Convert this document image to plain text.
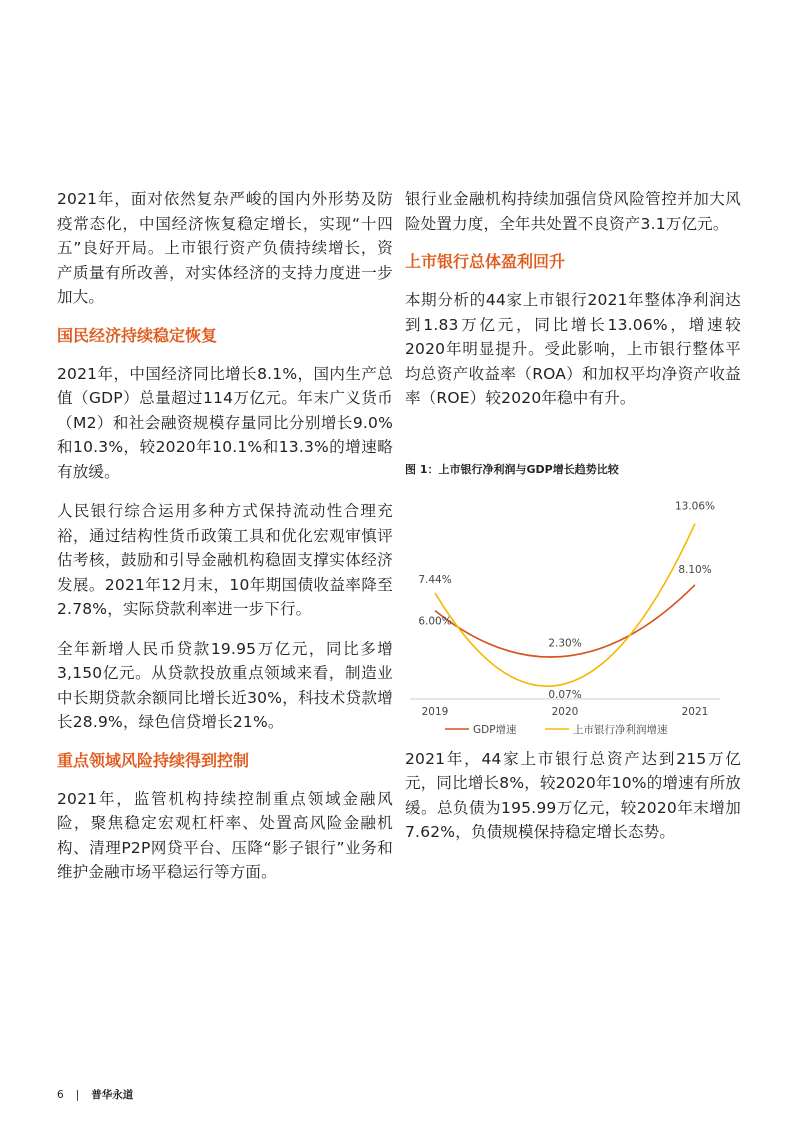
2021年，面对依然复杂严峻的国内外形势及防疫常态化，中国经济恢复稳定增长，实现“十四五”良好开局。上市银行资产负债持续增长，资产质量有所改善，对实体经济的支持力度进一步加大。

国民经济持续稳定恢复

2021年，中国经济同比增长8.1%，国内生产总值（GDP）总量超过114万亿元。年末广义货币（M2）和社会融资规模存量同比分别增长9.0%和10.3%，较2020年10.1%和13.3%的增速略有放缓。

人民银行综合运用多种方式保持流动性合理充裕，通过结构性货币政策工具和优化宏观审慎评估考核，鼓励和引导金融机构稳固支撑实体经济发展。2021年12月末，10年期国债收益率降至2.78%，实际贷款利率进一步下行。

全年新增人民币贷款19.95万亿元，同比多增3,150亿元。从贷款投放重点领域来看，制造业中长期贷款余额同比增长近30%，科技术贷款增长28.9%，绿色信贷增长21%。

重点领域风险持续得到控制

2021年，监管机构持续控制重点领域金融风险，聚焦稳定宏观杠杆率、处置高风险金融机构、清理P2P网贷平台、压降“影子银行”业务和维护金融市场平稳运行等方面。

银行业金融机构持续加强信贷风险管控并加大风险处置力度，全年共处置不良资产3.1万亿元。

上市银行总体盈利回升

本期分析的44家上市银行2021年整体净利润达到1.83万亿元，同比增长13.06%，增速较2020年明显提升。受此影响，上市银行整体平均总资产收益率（ROA）和加权平均净资产收益率（ROE）较2020年稳中有升。

图 1：上市银行净利润与GDP增长趋势比较

6.00%
2.30%
8.10%
7.44%
0.07%
13.06%
2019	2020	2021
GDP增速	上市银行净利润增速

2021年，44家上市银行总资产达到215万亿元，同比增长8%，较2020年10%的增速有所放缓。总负债为195.99万亿元，较2020年末增加7.62%，负债规模保持稳定增长态势。

6 | 普华永道
